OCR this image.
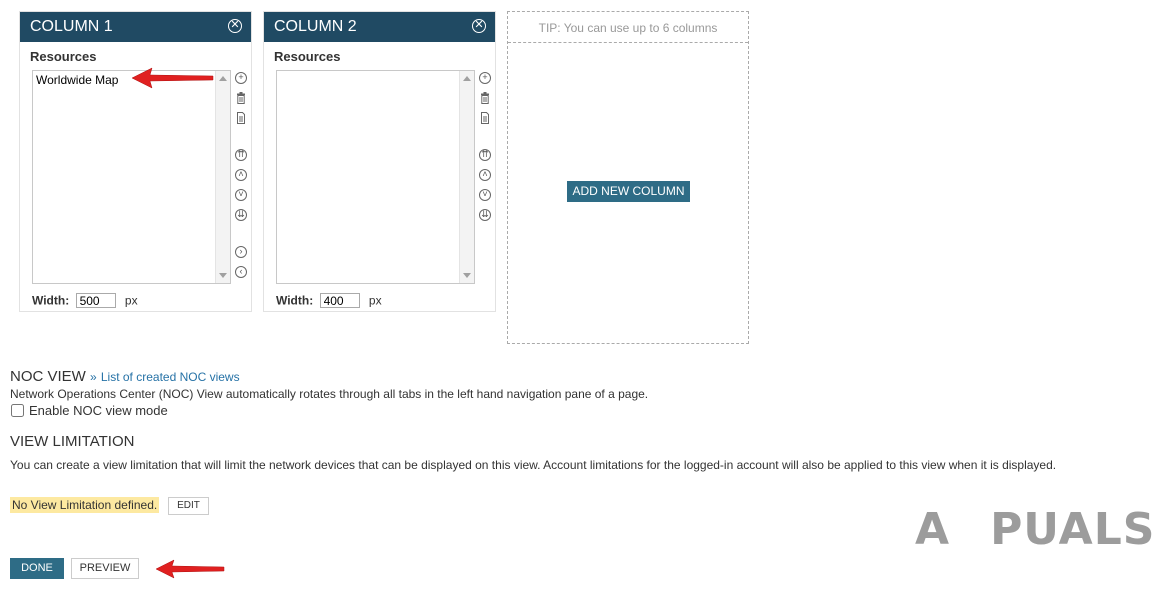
COLUMN 1	✕
Resources
Worldwide Map	+
⇈
˄
˅
⇊
›
‹
Width: 500	px
COLUMN 2	✕
Resources
+
⇈
˄
˅
⇊
Width: 400	px
TIP: You can use up to 6 columns
ADD NEW COLUMN
NOC VIEW » List of created NOC views
Network Operations Center (NOC) View automatically rotates through all tabs in the left hand navigation pane of a page.
Enable NOC view mode
VIEW LIMITATION
You can create a view limitation that will limit the network devices that can be displayed on this view. Account limitations for the logged-in account will also be applied to this view when it is displayed.
No View Limitation defined.	EDIT
DONE	PREVIEW
A PUALS
